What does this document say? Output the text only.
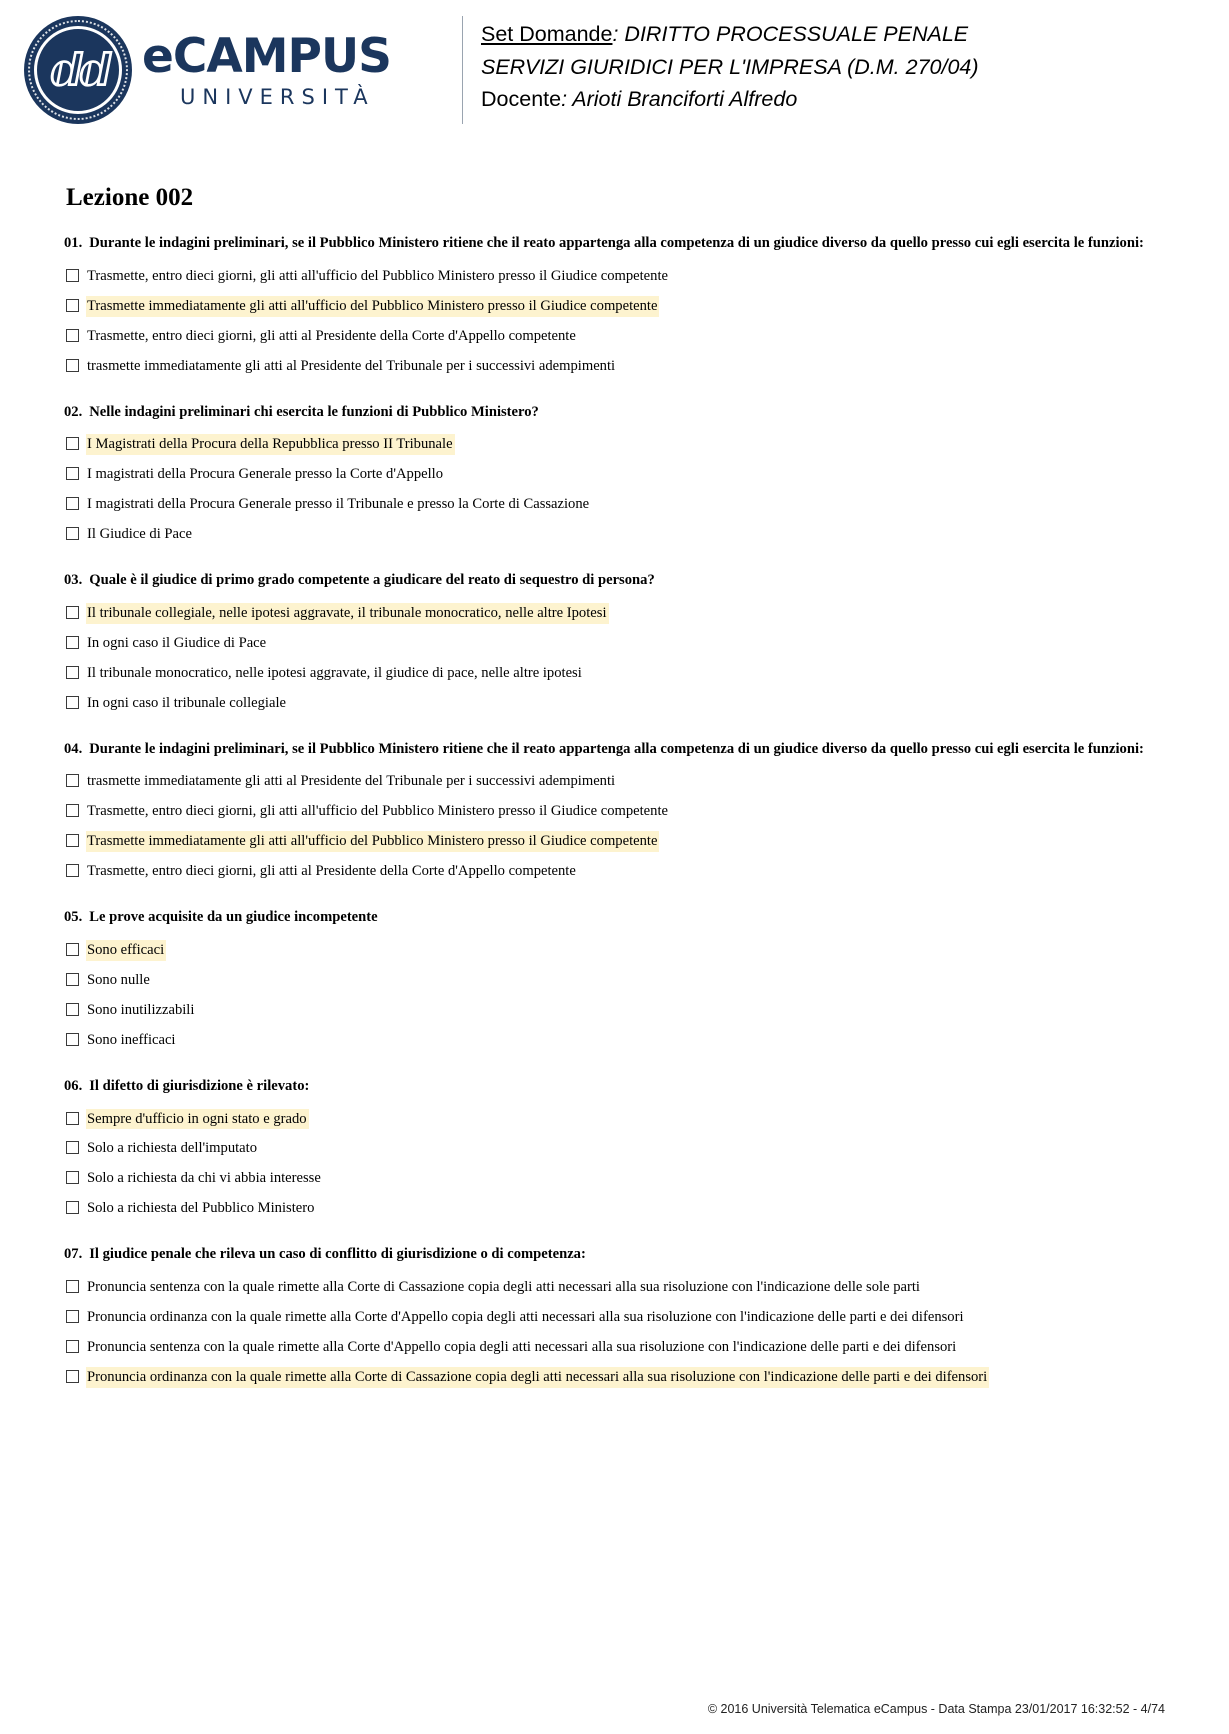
ⅆⅆ eCAMPUS
UNIVERSITÀ
Set Domande: DIRITTO PROCESSUALE PENALE
SERVIZI GIURIDICI PER L'IMPRESA (D.M. 270/04)
Docente: Arioti Branciforti Alfredo
Lezione 002

01. Durante le indagini preliminari, se il Pubblico Ministero ritiene che il reato appartenga alla competenza di un giudice diverso da quello presso cui egli esercita le funzioni:

Trasmette, entro dieci giorni, gli atti all'ufficio del Pubblico Ministero presso il Giudice competente
Trasmette immediatamente gli atti all'ufficio del Pubblico Ministero presso il Giudice competente
Trasmette, entro dieci giorni, gli atti al Presidente della Corte d'Appello competente
trasmette immediatamente gli atti al Presidente del Tribunale per i successivi adempimenti

02. Nelle indagini preliminari chi esercita le funzioni di Pubblico Ministero?

I Magistrati della Procura della Repubblica presso II Tribunale
I magistrati della Procura Generale presso la Corte d'Appello
I magistrati della Procura Generale presso il Tribunale e presso la Corte di Cassazione
Il Giudice di Pace

03. Quale è il giudice di primo grado competente a giudicare del reato di sequestro di persona?

Il tribunale collegiale, nelle ipotesi aggravate, il tribunale monocratico, nelle altre Ipotesi
In ogni caso il Giudice di Pace
Il tribunale monocratico, nelle ipotesi aggravate, il giudice di pace, nelle altre ipotesi
In ogni caso il tribunale collegiale

04. Durante le indagini preliminari, se il Pubblico Ministero ritiene che il reato appartenga alla competenza di un giudice diverso da quello presso cui egli esercita le funzioni:

trasmette immediatamente gli atti al Presidente del Tribunale per i successivi adempimenti
Trasmette, entro dieci giorni, gli atti all'ufficio del Pubblico Ministero presso il Giudice competente
Trasmette immediatamente gli atti all'ufficio del Pubblico Ministero presso il Giudice competente
Trasmette, entro dieci giorni, gli atti al Presidente della Corte d'Appello competente

05. Le prove acquisite da un giudice incompetente

Sono efficaci
Sono nulle
Sono inutilizzabili
Sono inefficaci

06. Il difetto di giurisdizione è rilevato:

Sempre d'ufficio in ogni stato e grado
Solo a richiesta dell'imputato
Solo a richiesta da chi vi abbia interesse
Solo a richiesta del Pubblico Ministero

07. Il giudice penale che rileva un caso di conflitto di giurisdizione o di competenza:

Pronuncia sentenza con la quale rimette alla Corte di Cassazione copia degli atti necessari alla sua risoluzione con l'indicazione delle sole parti
Pronuncia ordinanza con la quale rimette alla Corte d'Appello copia degli atti necessari alla sua risoluzione con l'indicazione delle parti e dei difensori
Pronuncia sentenza con la quale rimette alla Corte d'Appello copia degli atti necessari alla sua risoluzione con l'indicazione delle parti e dei difensori
Pronuncia ordinanza con la quale rimette alla Corte di Cassazione copia degli atti necessari alla sua risoluzione con l'indicazione delle parti e dei difensori
© 2016 Università Telematica eCampus - Data Stampa 23/01/2017 16:32:52 - 4/74
